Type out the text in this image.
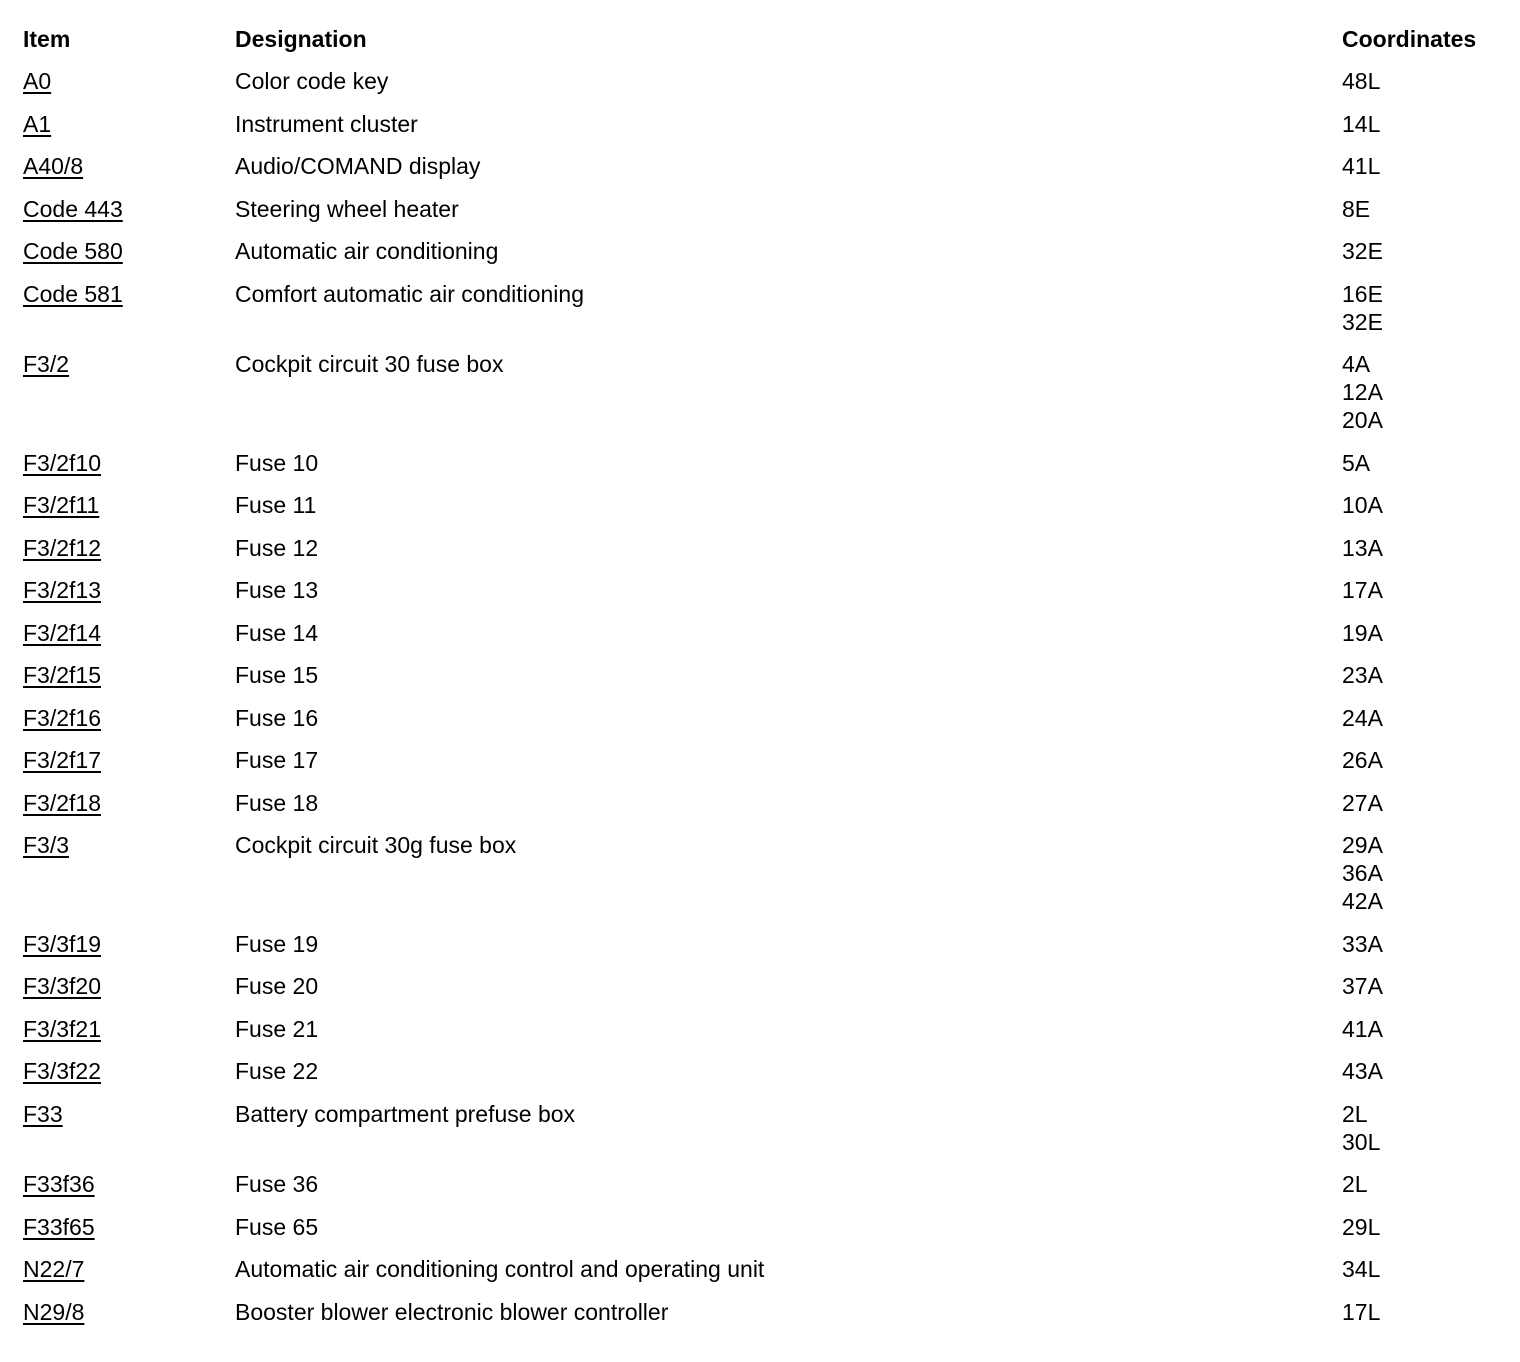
Item	Designation	Coordinates
A0	Color code key	48L
A1	Instrument cluster	14L
A40/8	Audio/COMAND display	41L
Code 443	Steering wheel heater	8E
Code 580	Automatic air conditioning	32E
Code 581	Comfort automatic air conditioning	16E
32E
F3/2	Cockpit circuit 30 fuse box	4A
12A
20A
F3/2f10	Fuse 10	5A
F3/2f11	Fuse 11	10A
F3/2f12	Fuse 12	13A
F3/2f13	Fuse 13	17A
F3/2f14	Fuse 14	19A
F3/2f15	Fuse 15	23A
F3/2f16	Fuse 16	24A
F3/2f17	Fuse 17	26A
F3/2f18	Fuse 18	27A
F3/3	Cockpit circuit 30g fuse box	29A
36A
42A
F3/3f19	Fuse 19	33A
F3/3f20	Fuse 20	37A
F3/3f21	Fuse 21	41A
F3/3f22	Fuse 22	43A
F33	Battery compartment prefuse box	2L
30L
F33f36	Fuse 36	2L
F33f65	Fuse 65	29L
N22/7	Automatic air conditioning control and operating unit	34L
N29/8	Booster blower electronic blower controller	17L
